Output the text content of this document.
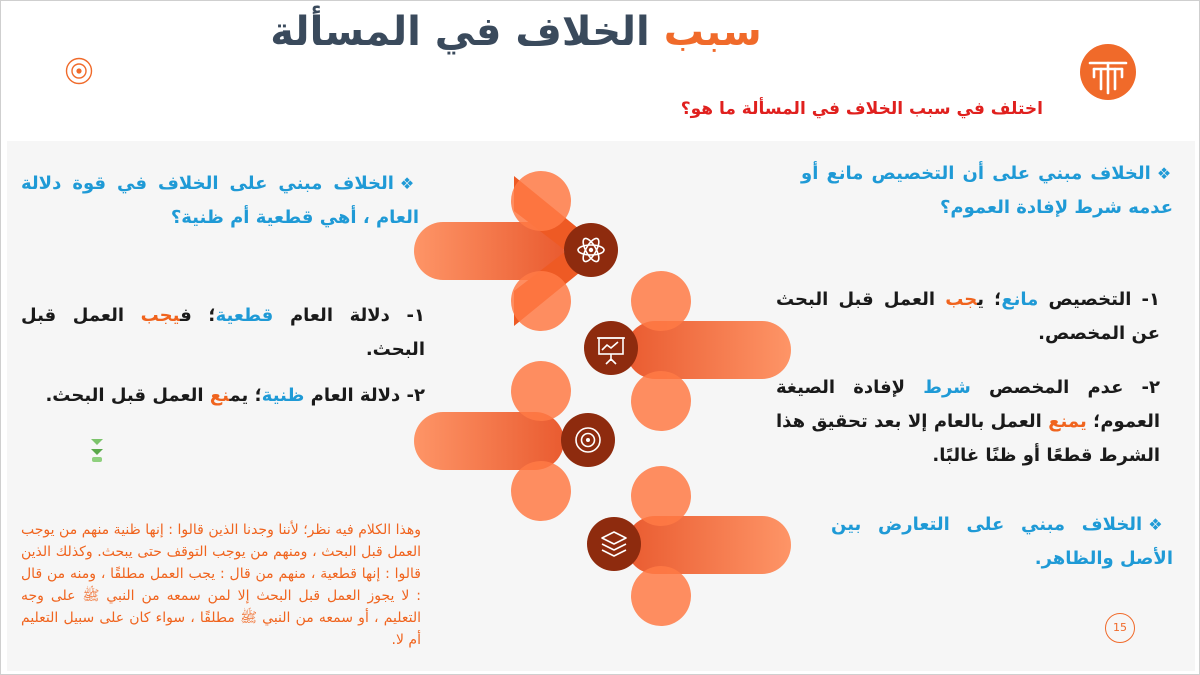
سبب الخلاف في المسألة
اختلف في سبب الخلاف في المسألة ما هو؟
❖الخلاف مبني على أن التخصيص مانع أو عدمه شرط لإفادة العموم؟
١- التخصيص مانع؛ يجب العمل قبل البحث عن المخصص.
٢- عدم المخصص شرط لإفادة الصيغة العموم؛ يمنع العمل بالعام إلا بعد تحقيق هذا الشرط قطعًا أو ظنًا غالبًا.
❖الخلاف مبني على التعارض بين الأصل والظاهر.
❖الخلاف مبني على الخلاف في قوة دلالة العام ، أهي قطعية أم ظنية؟
١- دلالة العام قطعية؛ فيجب العمل قبل البحث.
٢- دلالة العام ظنية؛ يمنع العمل قبل البحث.
وهذا الكلام فيه نظر؛ لأننا وجدنا الذين قالوا : إنها ظنية منهم من يوجب العمل قبل البحث ، ومنهم من يوجب التوقف حتى يبحث. وكذلك الذين قالوا : إنها قطعية ، منهم من قال : يجب العمل مطلقًا ، ومنه من قال : لا يجوز العمل قبل البحث إلا لمن سمعه من النبي ﷺ على وجه التعليم ، أو سمعه من النبي ﷺ مطلقًا ، سواء كان على سبيل التعليم أم لا.
15
